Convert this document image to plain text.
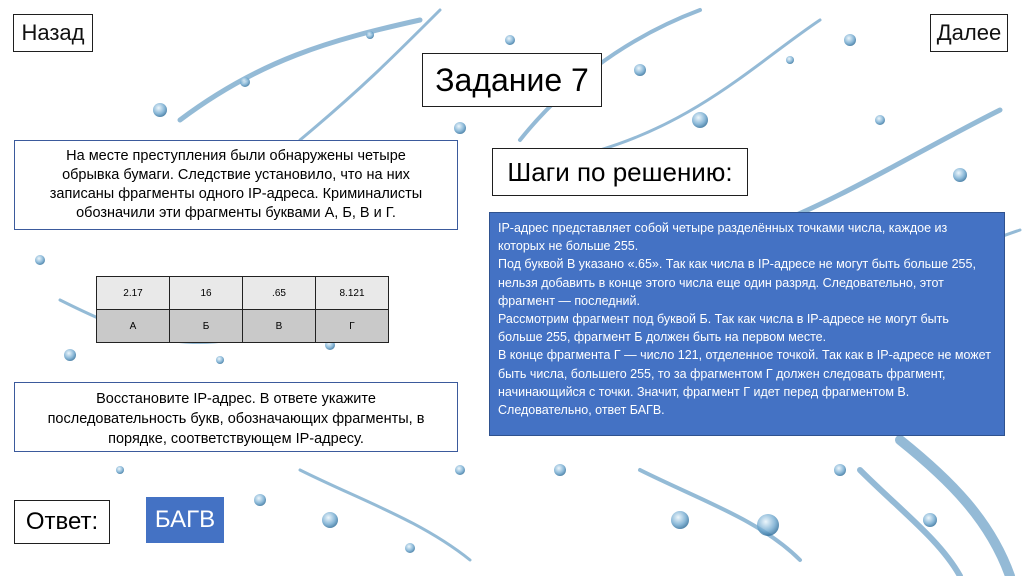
Назад	Далее
Задание 7
На месте преступления были обнаружены четыре обрывка бумаги. Следствие установило, что на них записаны фрагменты одного IP-адреса. Криминалисты обозначили эти фрагменты буквами А, Б, В и Г.
2.17	16	.65	8.121
А	Б	В	Г
Восстановите IP-адрес. В ответе укажите последовательность букв, обозначающих фрагменты, в порядке, соответствующем IP-адресу.
Шаги по решению:

IP-адрес представляет собой четыре разделённых точками числа, каждое из которых не больше 255.

Под буквой В указано «.65». Так как числа в IP-адресе не могут быть больше 255, нельзя добавить в конце этого числа еще один разряд. Следовательно, этот фрагмент — последний.

Рассмотрим фрагмент под буквой Б. Так как числа в IP-адресе не могут быть больше 255, фрагмент Б должен быть на первом месте.

В конце фрагмента Г — число 121, отделенное точкой. Так как в IP-адресе не может быть числа, большего 255, то за фрагментом Г должен следовать фрагмент, начинающийся с точки. Значит, фрагмент Г идет перед фрагментом В.

Следовательно, ответ БАГВ.

Ответ:	БАГВ
